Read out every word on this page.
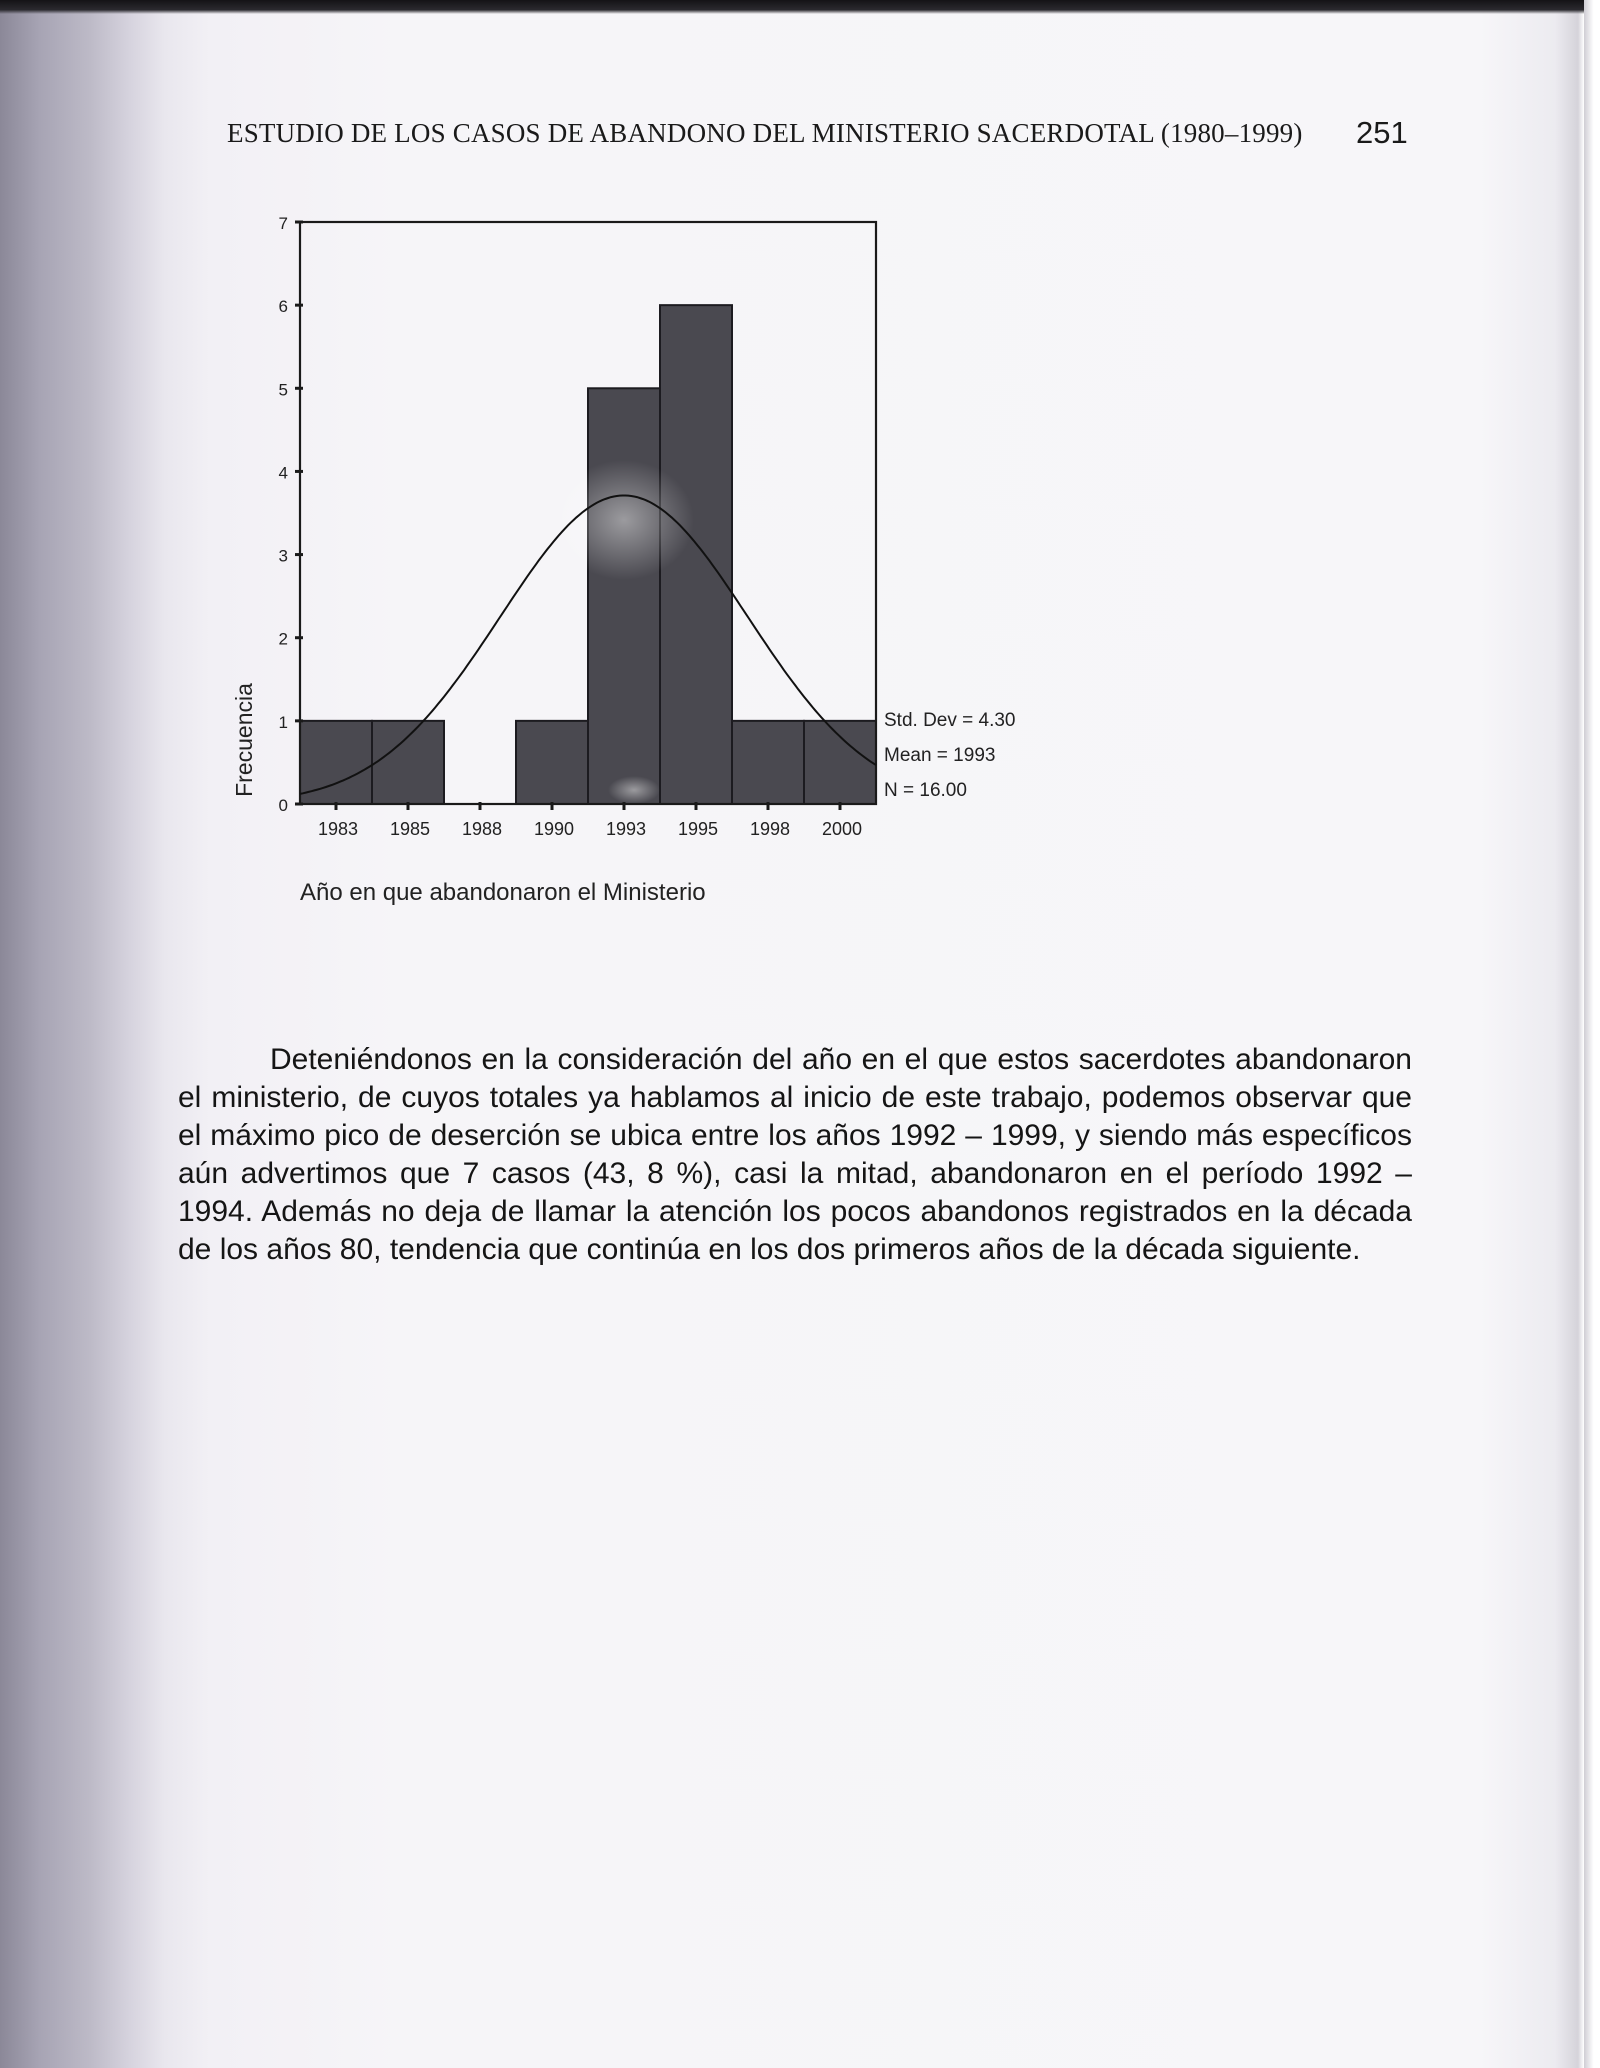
ESTUDIO DE LOS CASOS DE ABANDONO DEL MINISTERIO SACERDOTAL (1980–1999)	251
0
1
2
3
4
5
6
7
1983 1985 1988 1990 1993 1995 1998 2000
Std. Dev = 4.30
Mean = 1993
N = 16.00
Frecuencia
Año en que abandonaron el Ministerio
Deteniéndonos en la consideración del año en el que estos sacerdotes abandonaron el ministerio, de cuyos totales ya hablamos al inicio de este trabajo, podemos observar que el máximo pico de deserción se ubica entre los años 1992 – 1999, y siendo más específicos aún advertimos que 7 casos (43, 8 %), casi la mitad, abandonaron en el período 1992 – 1994. Además no deja de llamar la atención los pocos abandonos registrados en la década de los años 80, tendencia que continúa en los dos primeros años de la década siguiente.
